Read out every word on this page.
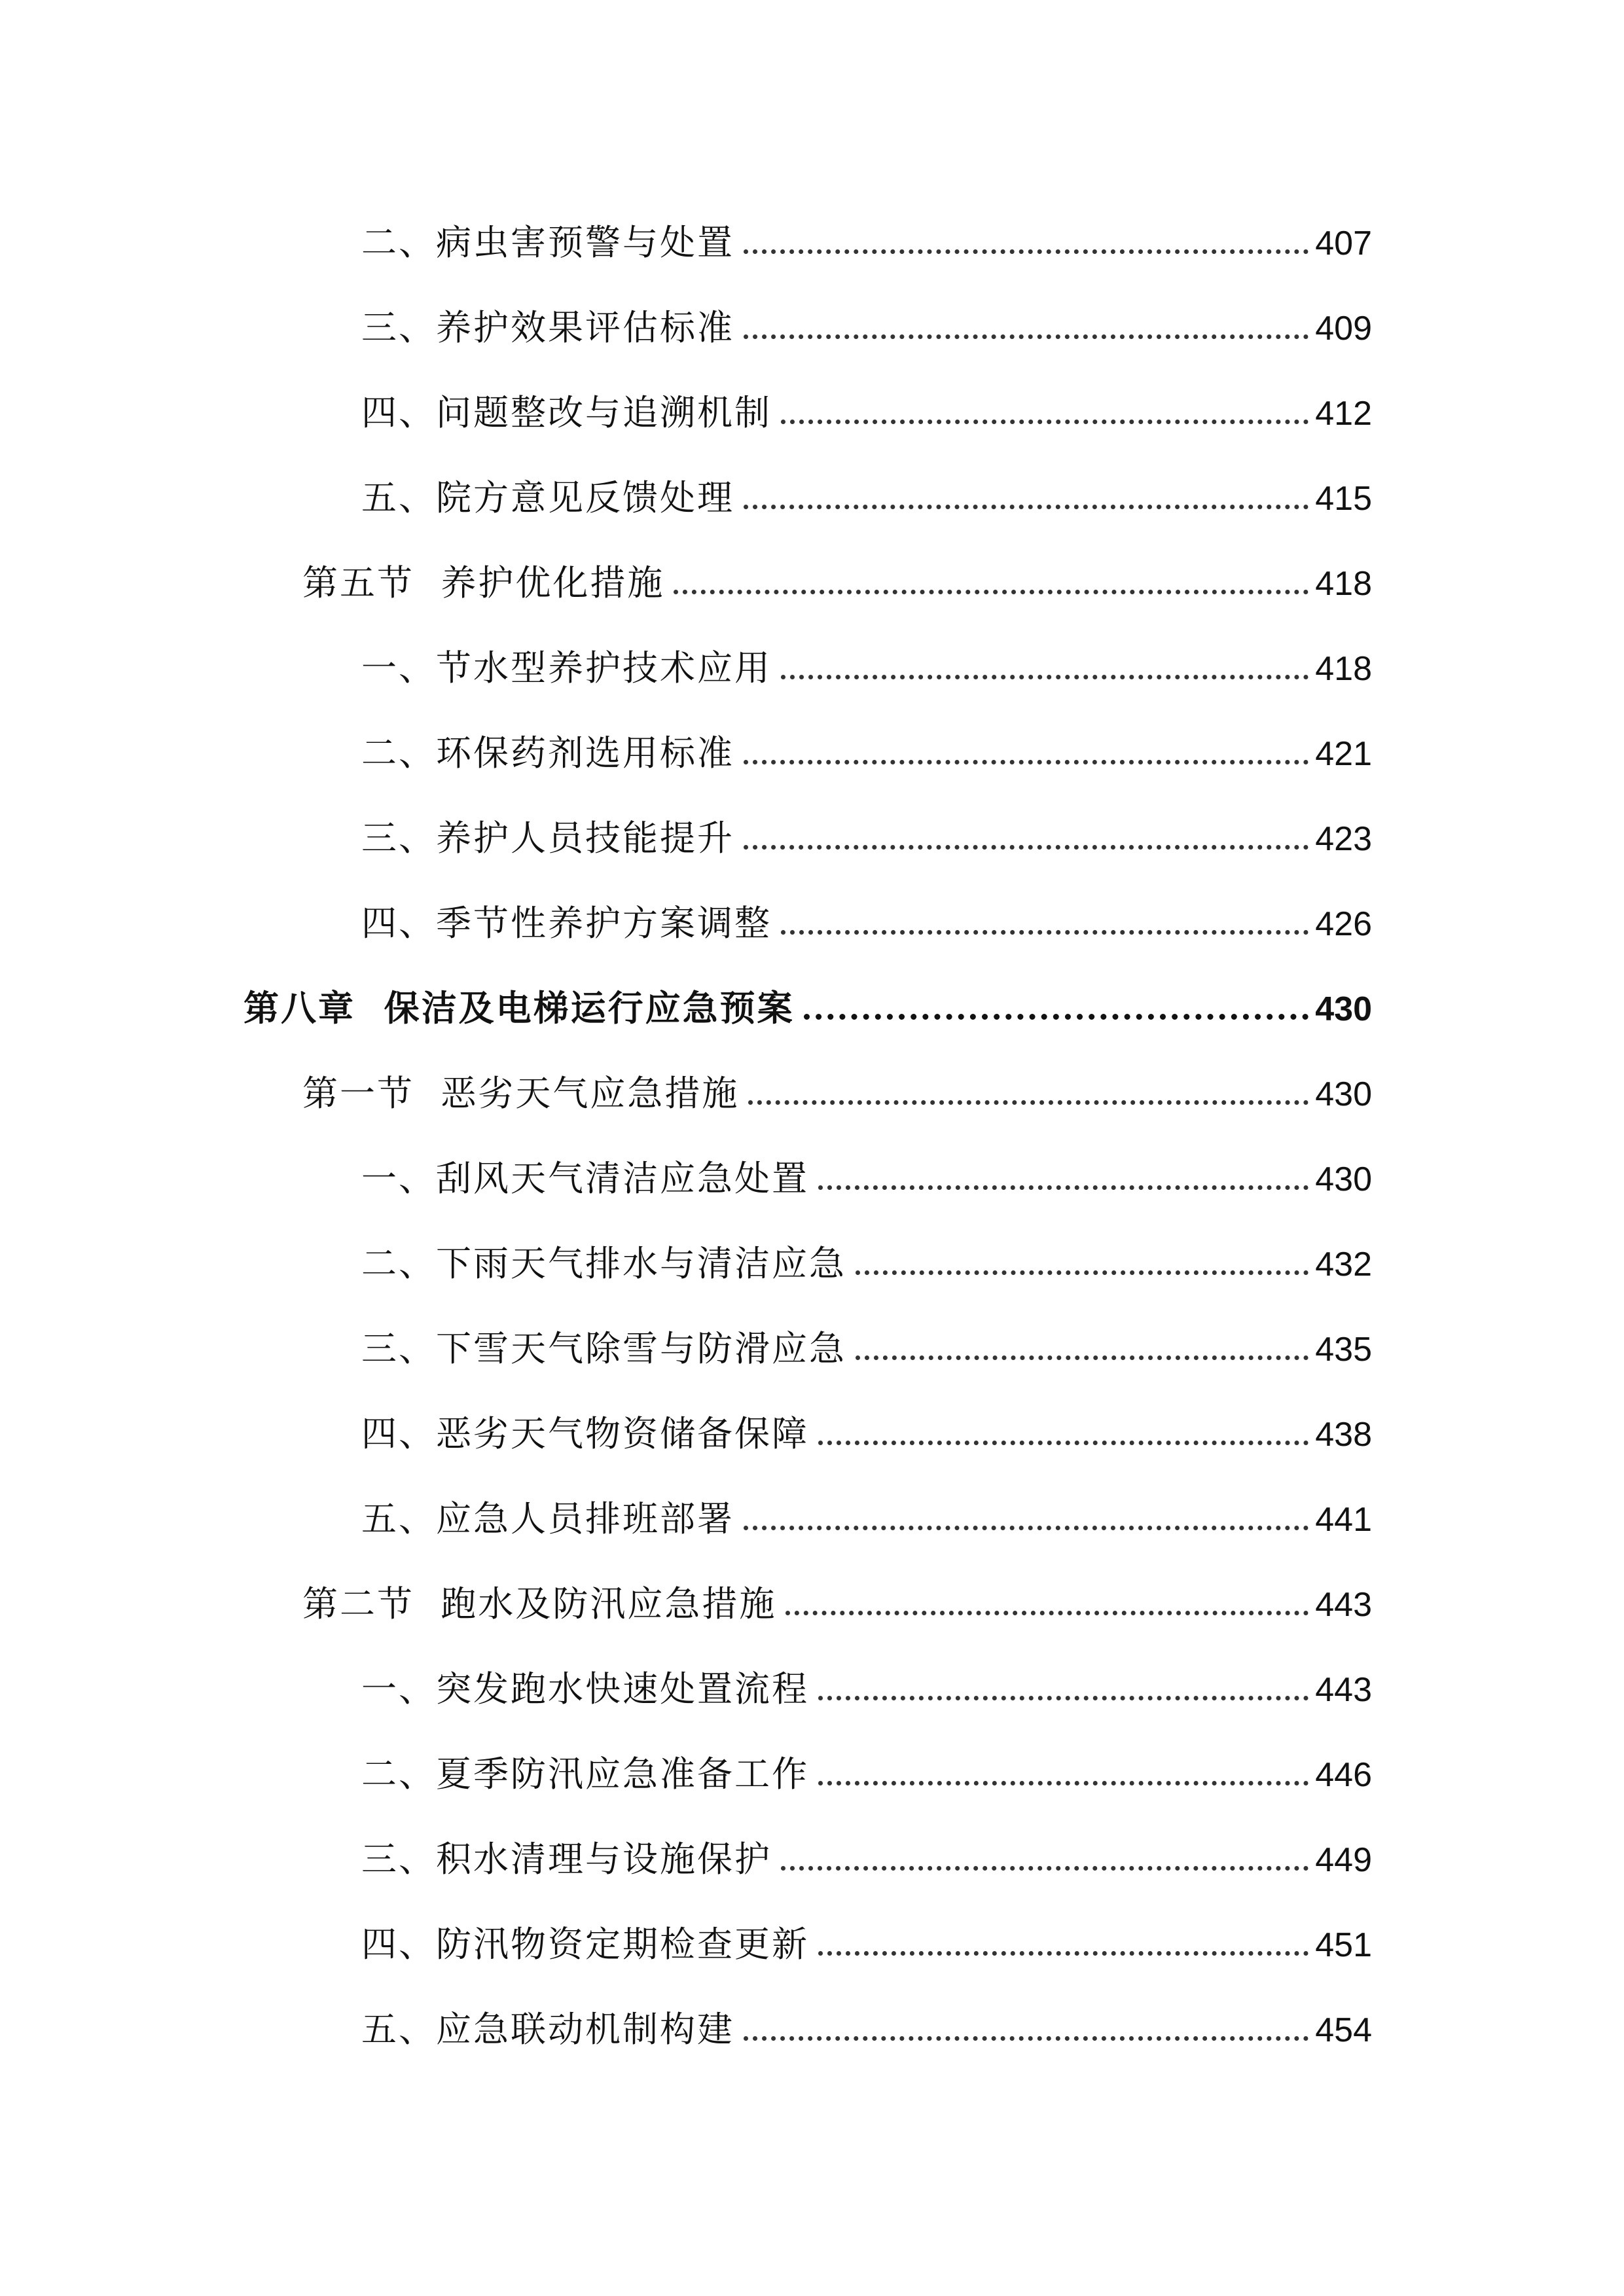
二、病虫害预警与处置	407
三、养护效果评估标准	409
四、问题整改与追溯机制	412
五、院方意见反馈处理	415
第五节  养护优化措施	418
一、节水型养护技术应用	418
二、环保药剂选用标准	421
三、养护人员技能提升	423
四、季节性养护方案调整	426
第八章  保洁及电梯运行应急预案	430
第一节  恶劣天气应急措施	430
一、刮风天气清洁应急处置	430
二、下雨天气排水与清洁应急	432
三、下雪天气除雪与防滑应急	435
四、恶劣天气物资储备保障	438
五、应急人员排班部署	441
第二节  跑水及防汛应急措施	443
一、突发跑水快速处置流程	443
二、夏季防汛应急准备工作	446
三、积水清理与设施保护	449
四、防汛物资定期检查更新	451
五、应急联动机制构建	454
